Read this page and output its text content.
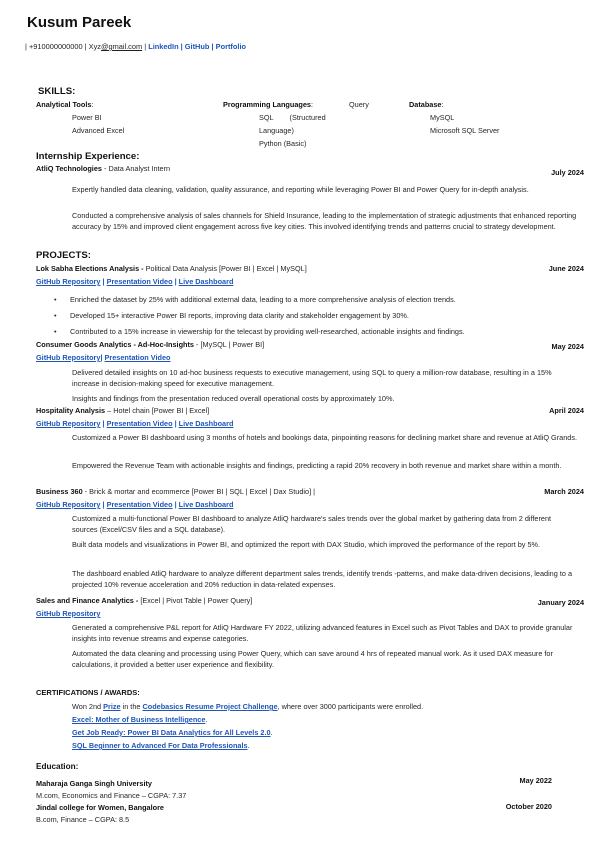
Kusum Pareek
| +910000000000 | Xyz@gmail.com | LinkedIn | GitHub | Portfolio
SKILLS:
Analytical Tools:
Power BI
Advanced Excel
Programming Languages:	Query
SQL        (Structured
Language)
Python (Basic)
Database:
MySQL
Microsoft SQL Server
Internship Experience:
AtliQ Technologies - Data Analyst Intern	July 2024
Expertly handled data cleaning, validation, quality assurance, and reporting while leveraging Power BI and Power Query for in-depth analysis.
Conducted a comprehensive analysis of sales channels for Shield Insurance, leading to the implementation of strategic adjustments that enhanced reporting accuracy by 15% and improved client engagement across five key cities. This involved identifying trends and patterns crucial to strategy development.
PROJECTS:
Lok Sabha Elections Analysis - Political Data Analysis [Power BI | Excel | MySQL]	June 2024
GitHub Repository | Presentation Video | Live Dashboard
• Enriched the dataset by 25% with additional external data, leading to a more comprehensive analysis of election trends.
• Developed 15+ interactive Power BI reports, improving data clarity and stakeholder engagement by 30%.
• Contributed to a 15% increase in viewership for the telecast by providing well-researched, actionable insights and findings.
Consumer Goods Analytics - Ad-Hoc-Insights - [MySQL | Power BI]	May 2024
GitHub Repository| Presentation Video
Delivered detailed insights on 10 ad-hoc business requests to executive management, using SQL to query a million-row database, resulting in a 15% increase in decision-making speed for executive management.
Insights and findings from the presentation reduced overall operational costs by approximately 10%.
Hospitality Analysis – Hotel chain [Power BI | Excel]	April 2024
GitHub Repository | Presentation Video | Live Dashboard
Customized a Power BI dashboard using 3 months of hotels and bookings data, pinpointing reasons for declining market share and revenue at AtliQ Grands.
Empowered the Revenue Team with actionable insights and findings, predicting a rapid 20% recovery in both revenue and market share within a month.
Business 360 - Brick & mortar and ecommerce [Power BI | SQL | Excel | Dax Studio] |	March 2024
GitHub Repository | Presentation Video | Live Dashboard
Customized a multi-functional Power BI dashboard to analyze AtliQ hardware's sales trends over the global market by gathering data from 2 different sources (Excel/CSV files and a SQL database).
Built data models and visualizations in Power BI, and optimized the report with DAX Studio, which improved the performance of the report by 5%.
The dashboard enabled AtliQ hardware to analyze different department sales trends, identify trends -patterns, and make data-driven decisions, leading to a projected 10% revenue acceleration and 20% reduction in data-related expenses.
Sales and Finance Analytics - [Excel | Pivot Table | Power Query]	January 2024
GitHub Repository
Generated a comprehensive P&L report for AtliQ Hardware FY 2022, utilizing advanced features in Excel such as Pivot Tables and DAX to provide granular insights into revenue streams and expense categories.
Automated the data cleaning and processing using Power Query, which can save around 4 hrs of repeated manual work. As it used DAX measure for calculations, it provided a better user experience and flexibility.
CERTIFICATIONS / AWARDS:
Won 2nd Prize in the Codebasics Resume Project Challenge, where over 3000 participants were enrolled.
Excel: Mother of Business Intelligence.
Get Job Ready: Power BI Data Analytics for All Levels 2.0.
SQL Beginner to Advanced For Data Professionals.
Education:
Maharaja Ganga Singh University	May 2022
M.com, Economics and Finance – CGPA: 7.37
Jindal college for Women, Bangalore	October 2020
B.com, Finance – CGPA: 8.5
